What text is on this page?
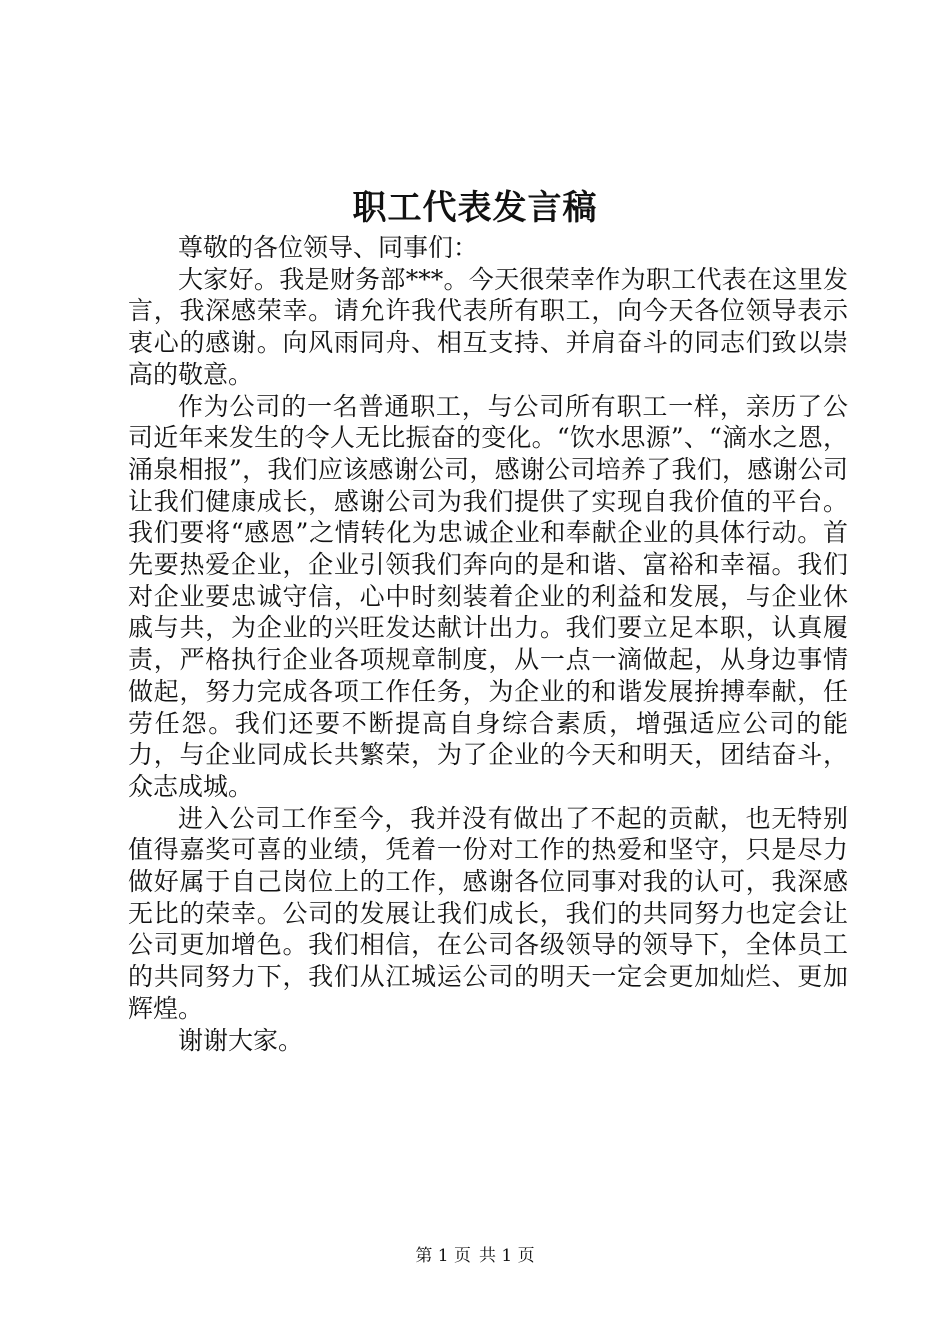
职工代表发言稿

尊敬的各位领导、同事们：

大家好。我是财务部***。今天很荣幸作为职工代表在这里发言，我深感荣幸。请允许我代表所有职工，向今天各位领导表示衷心的感谢。向风雨同舟、相互支持、并肩奋斗的同志们致以崇高的敬意。

作为公司的一名普通职工，与公司所有职工一样，亲历了公司近年来发生的令人无比振奋的变化。“饮水思源”、“滴水之恩，涌泉相报”，我们应该感谢公司，感谢公司培养了我们，感谢公司让我们健康成长，感谢公司为我们提供了实现自我价值的平台。我们要将“感恩”之情转化为忠诚企业和奉献企业的具体行动。首先要热爱企业，企业引领我们奔向的是和谐、富裕和幸福。我们对企业要忠诚守信，心中时刻装着企业的利益和发展，与企业休戚与共，为企业的兴旺发达献计出力。我们要立足本职，认真履责，严格执行企业各项规章制度，从一点一滴做起，从身边事情做起，努力完成各项工作任务，为企业的和谐发展拚搏奉献，任劳任怨。我们还要不断提高自身综合素质，增强适应公司的能力，与企业同成长共繁荣，为了企业的今天和明天，团结奋斗，众志成城。

进入公司工作至今，我并没有做出了不起的贡献，也无特别值得嘉奖可喜的业绩，凭着一份对工作的热爱和坚守，只是尽力做好属于自己岗位上的工作，感谢各位同事对我的认可，我深感无比的荣幸。公司的发展让我们成长，我们的共同努力也定会让公司更加增色。我们相信，在公司各级领导的领导下，全体员工的共同努力下，我们从江城运公司的明天一定会更加灿烂、更加辉煌。

谢谢大家。

第 1 页 共 1 页
